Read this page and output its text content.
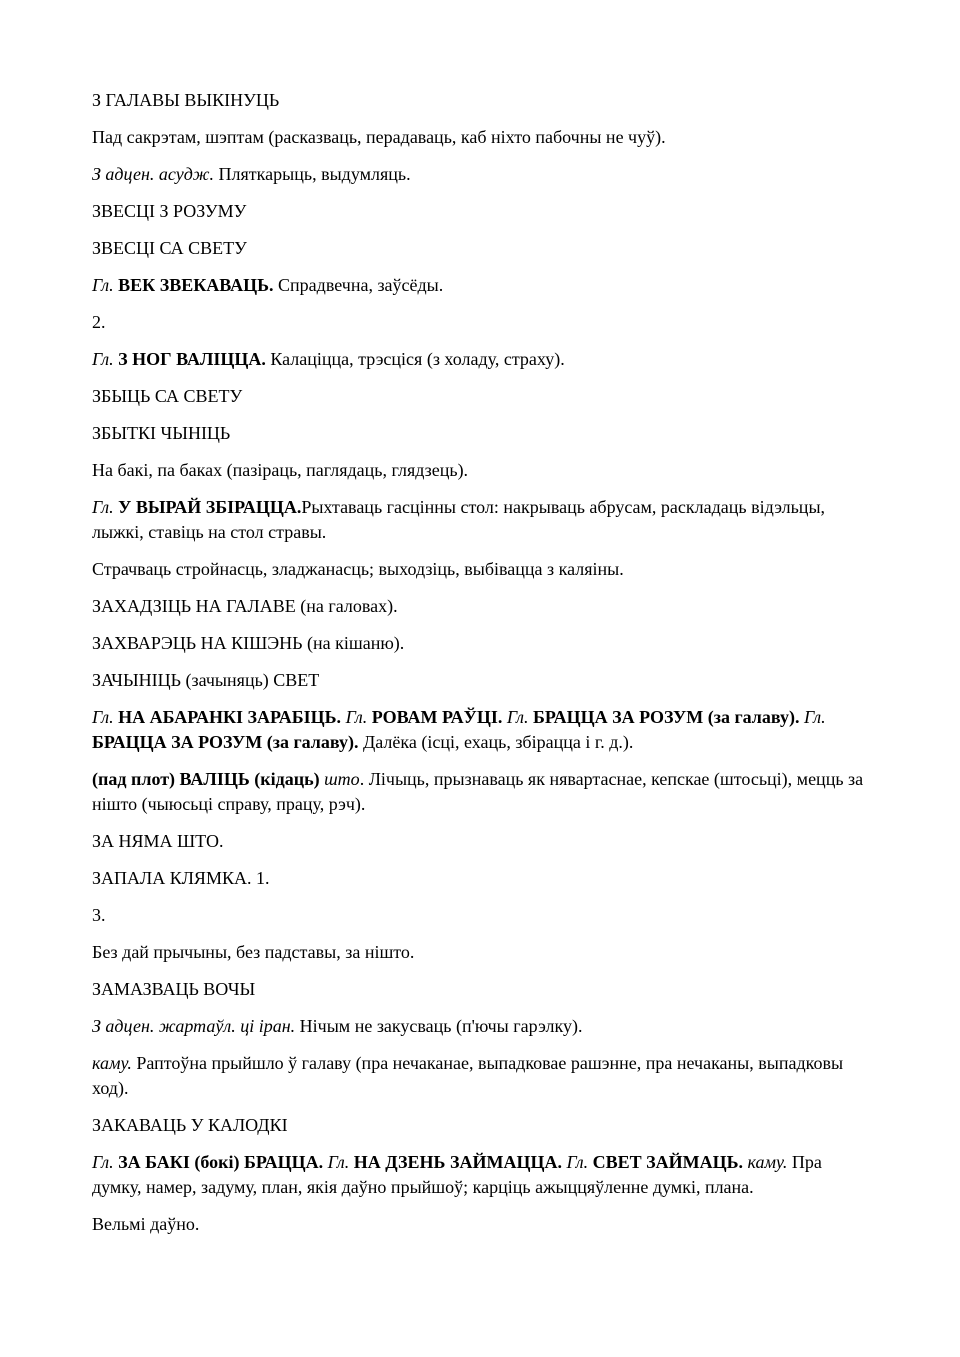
З ГАЛАВЫ ВЫКІНУЦЬ

Пад сакрэтам, шэптам (расказваць, перадаваць, каб ніхто пабочны не чуў).

З адцен. асудж. Пляткарыць, выдумляць.

ЗВЕСЦІ З РОЗУМУ

ЗВЕСЦІ СА СВЕТУ

Гл. ВЕК ЗВЕКАВАЦЬ. Спрадвечна, заўсёды.

2.

Гл. З НОГ ВАЛІЦЦА. Калаціцца, трэсціся (з холаду, страху).

ЗБЫЦЬ СА СВЕТУ

ЗБЫТКІ ЧЫНІЦЬ

На бакі, па баках (пазіраць, паглядаць, глядзець).

Гл. У ВЫРАЙ ЗБІРАЦЦА.Рыхтаваць гасцінны стол: накрываць абрусам, раскладаць відэльцы, лыжкі, ставіць на стол стравы.

Страчваць стройнасць, зладжанасць; выходзіць, выбівацца з каляіны.

ЗАХАДЗІЦЬ НА ГАЛАВЕ (на галовах).

ЗАХВАРЭЦЬ НА КІШЭНЬ (на кішаню).

ЗАЧЫНІЦЬ (зачыняць) СВЕТ

Гл. НА АБАРАНКІ ЗАРАБІЦЬ. Гл. РОВАМ РАЎЦІ. Гл. БРАЦЦА ЗА РОЗУМ (за галаву). Гл. БРАЦЦА ЗА РОЗУМ (за галаву). Далёка (ісці, ехаць, збірацца і г. д.).

(пад плот) ВАЛІЦЬ (кідаць) што. Лічыць, прызнаваць як нявартаснае, кепскае (штосьці), мецць за нішто (чыюсьці справу, працу, рэч).

ЗА НЯМА ШТО.

ЗАПАЛА КЛЯМКА. 1.

3.

Без дай прычыны, без падставы, за нішто.

ЗАМАЗВАЦЬ ВОЧЫ

З адцен. жартаўл. ці іран. Нічым не закусваць (п'ючы гарэлку).

каму. Раптоўна прыйшло ў галаву (пра нечаканае, выпадковае рашэнне, пра нечаканы, выпадковы ход).

ЗАКАВАЦЬ У КАЛОДКІ

Гл. ЗА БАКІ (бокі) БРАЦЦА. Гл. НА ДЗЕНЬ ЗАЙМАЦЦА. Гл. СВЕТ ЗАЙМАЦЬ. каму. Пра думку, намер, задуму, план, якія даўно прыйшоў; карціць ажыццяўленне думкі, плана.

Вельмі даўно.
